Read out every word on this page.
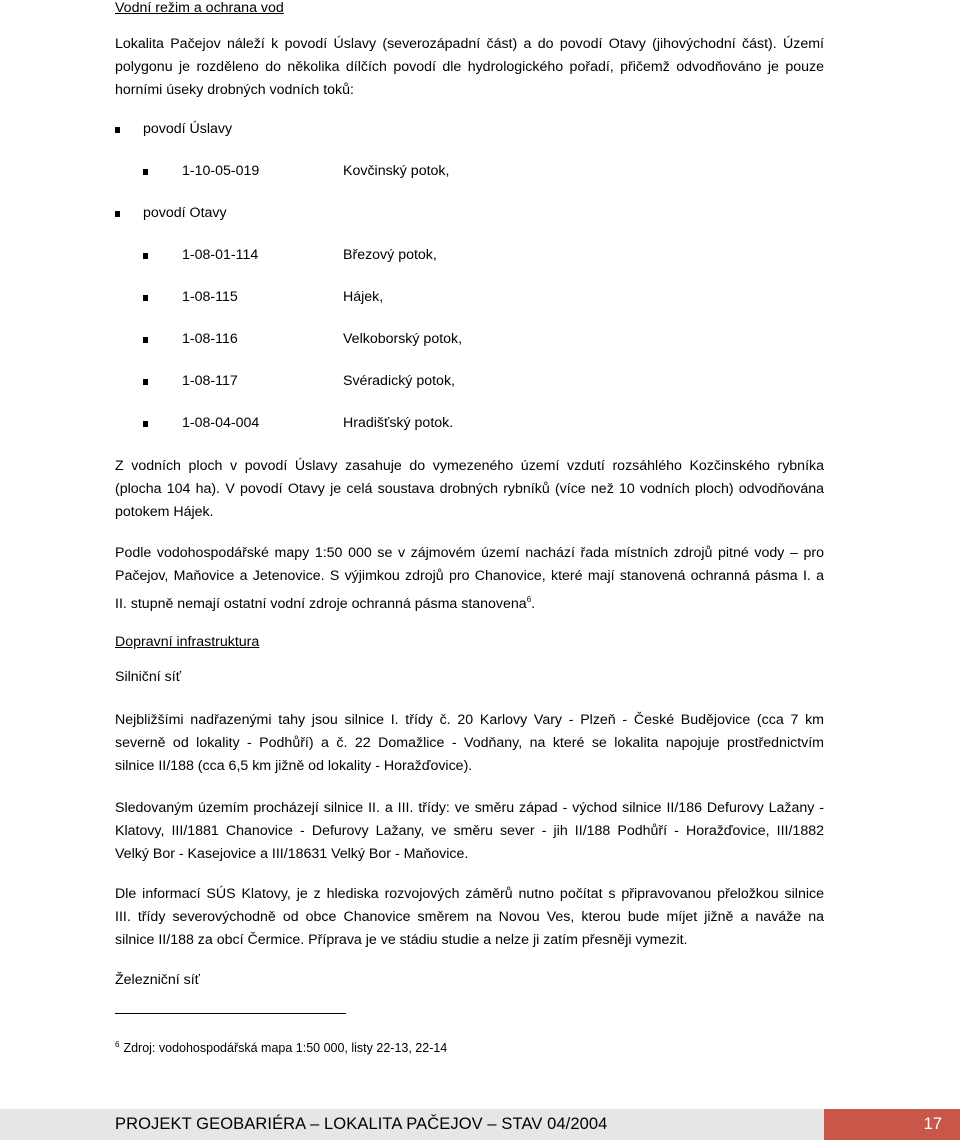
Vodní režim a ochrana vod
Lokalita Pačejov náleží k povodí Úslavy (severozápadní část) a do povodí Otavy (jihovýchodní část). Území
polygonu je rozděleno do několika dílčích povodí dle hydrologického pořadí, přičemž odvodňováno je pouze
horními úseky drobných vodních toků:
povodí Úslavy
1-10-05-019	Kovčinský potok,
povodí Otavy
1-08-01-114	Březový potok,
1-08-115	Hájek,
1-08-116	Velkoborský potok,
1-08-117	Svéradický potok,
1-08-04-004	Hradišťský potok.
Z vodních ploch v povodí Úslavy zasahuje do vymezeného území vzdutí rozsáhlého Kozčinského rybníka
(plocha 104 ha). V povodí Otavy je celá soustava drobných rybníků (více než 10 vodních ploch) odvodňována
potokem Hájek.
Podle vodohospodářské mapy 1:50 000 se v zájmovém území nachází řada místních zdrojů pitné vody – pro
Pačejov, Maňovice a Jetenovice. S výjimkou zdrojů pro Chanovice, které mají stanovená ochranná pásma I. a
II. stupně nemají ostatní vodní zdroje ochranná pásma stanovena$^6$.
Dopravní infrastruktura
Silniční síť
Nejbližšími nadřazenými tahy jsou silnice I. třídy č. 20 Karlovy Vary - Plzeň - České Budějovice (cca 7 km
severně od lokality - Podhůří) a č. 22 Domažlice - Vodňany, na které se lokalita napojuje prostřednictvím
silnice II/188 (cca 6,5 km jižně od lokality - Horažďovice).
Sledovaným územím procházejí silnice II. a III. třídy: ve směru západ - východ silnice II/186 Defurovy Lažany -
Klatovy, III/1881 Chanovice - Defurovy Lažany, ve směru sever - jih II/188 Podhůří - Horažďovice, III/1882
Velký Bor - Kasejovice a III/18631 Velký Bor - Maňovice.
Dle informací SÚS Klatovy, je z hlediska rozvojových záměrů nutno počítat s připravovanou přeložkou silnice
III. třídy severovýchodně od obce Chanovice směrem na Novou Ves, kterou bude míjet jižně a naváže na
silnice II/188 za obcí Čermice. Příprava je ve stádiu studie a nelze ji zatím přesněji vymezit.
Železniční síť
$^6$ Zdroj: vodohospodářská mapa 1:50 000, listy 22-13, 22-14
PROJEKT GEOBARIÉRA – LOKALITA PAČEJOV – STAV 04/2004	17
